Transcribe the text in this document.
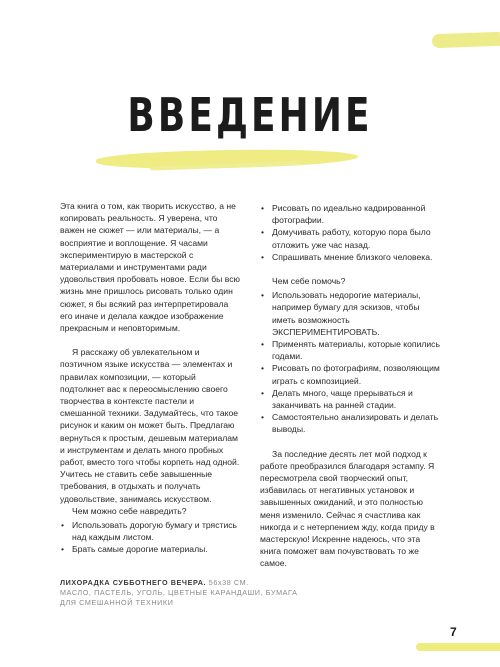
ВВЕДЕНИЕ

Эта книга о том, как творить искусство, а не копировать реальность. Я уверена, что важен не сюжет — или материалы, — а восприятие и воплощение. Я часами экспериментирую в мастерской с материалами и инструментами ради удовольствия пробовать новое. Если бы всю жизнь мне пришлось рисовать только один сюжет, я бы всякий раз интерпретировала его иначе и делала каждое изображение прекрасным и неповторимым.

Я расскажу об увлекательном и поэтичном языке искусства — элементах и правилах композиции, — который подтолкнет вас к переосмыслению своего творчества в контексте пастели и смешанной техники. Задумайтесь, что такое рисунок и каким он может быть. Предлагаю вернуться к простым, дешевым материалам и инструментам и делать много пробных работ, вместо того чтобы корпеть над одной. Учитесь не ставить себе завышенные требования, в отдыхать и получать удовольствие, занимаясь искусством.

Чем можно себе навредить?

• Использовать дорогую бумагу и трястись над каждым листом.
• Брать самые дорогие материалы.
• Рисовать по идеально кадрированной фотографии.
• Домучивать работу, которую пора было отложить уже час назад.
• Спрашивать мнение близкого человека.

Чем себе помочь?

• Использовать недорогие материалы, например бумагу для эскизов, чтобы иметь возможность ЭКСПЕРИМЕНТИРОВАТЬ.
• Применять материалы, которые копились годами.
• Рисовать по фотографиям, позволяющим играть с композицией.
• Делать много, чаще прерываться и заканчивать на ранней стадии.
• Самостоятельно анализировать и делать выводы.

За последние десять лет мой подход к работе преобразился благодаря эстампу. Я пересмотрела свой творческий опыт, избавилась от негативных установок и завышенных ожиданий, и это полностью меня изменило. Сейчас я счастлива как никогда и с нетерпением жду, когда приду в мастерскую! Искренне надеюсь, что эта книга поможет вам почувствовать то же самое.

ЛИХОРАДКА СУББОТНЕГО ВЕЧЕРА. 56x38 СМ.
МАСЛО, ПАСТЕЛЬ, УГОЛЬ, ЦВЕТНЫЕ КАРАНДАШИ, БУМАГА ДЛЯ СМЕШАННОЙ ТЕХНИКИ
7
